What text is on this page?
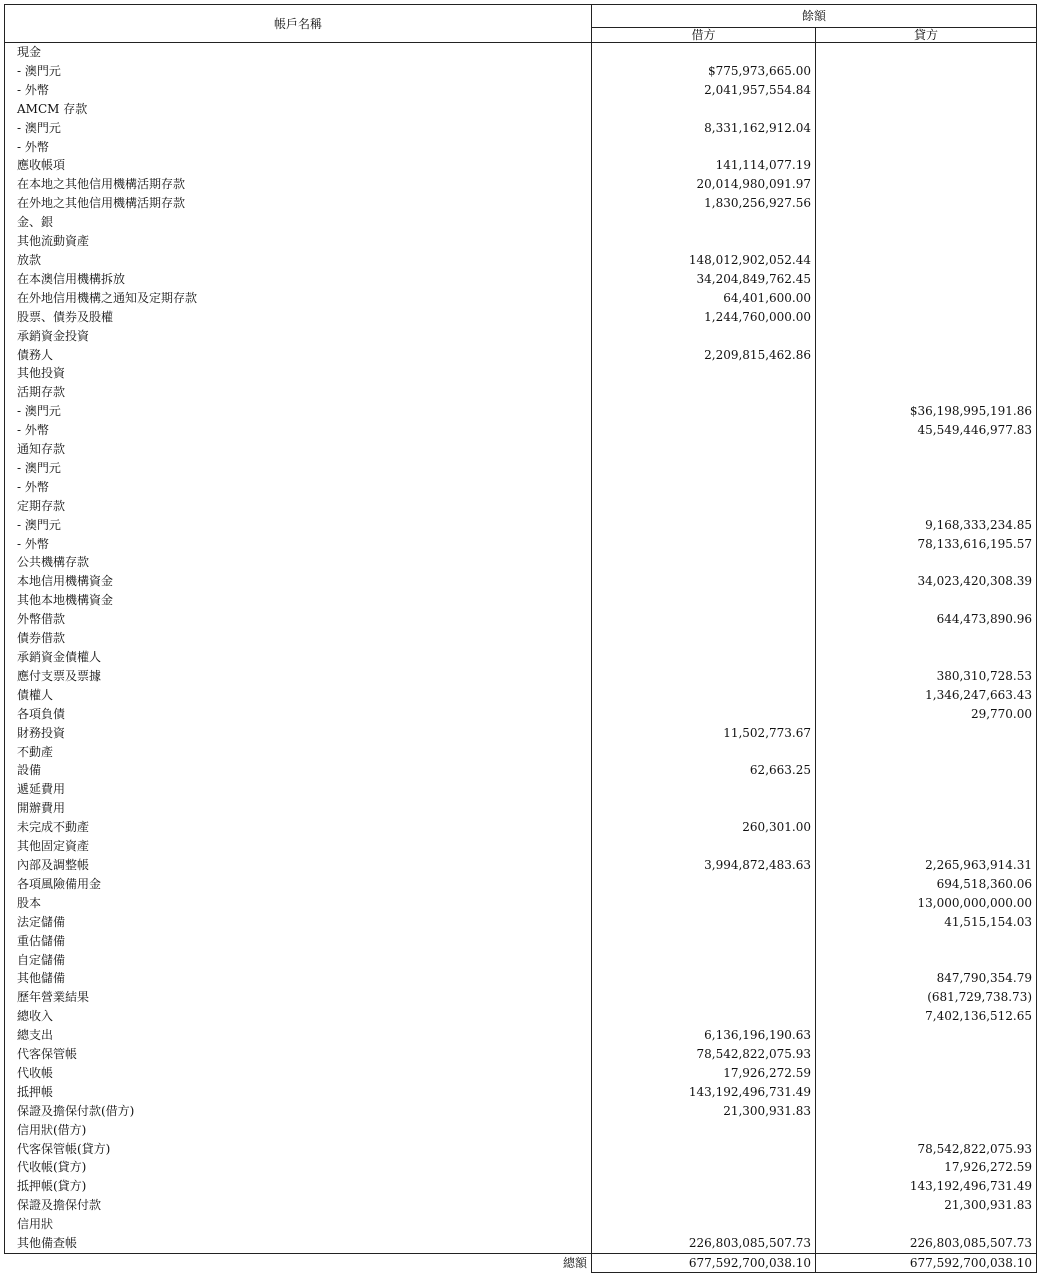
帳戶名稱	餘額	
	借方	貸方
現金		
- 澳門元	$775,973,665.00	
- 外幣	2,041,957,554.84	
AMCM 存款		
- 澳門元	8,331,162,912.04	
- 外幣		
應收帳項	141,114,077.19	
在本地之其他信用機構活期存款	20,014,980,091.97	
在外地之其他信用機構活期存款	1,830,256,927.56	
金、銀		
其他流動資產		
放款	148,012,902,052.44	
在本澳信用機構拆放	34,204,849,762.45	
在外地信用機構之通知及定期存款	64,401,600.00	
股票、債券及股權	1,244,760,000.00	
承銷資金投資		
債務人	2,209,815,462.86	
其他投資		
活期存款		
- 澳門元		$36,198,995,191.86
- 外幣		45,549,446,977.83
通知存款		
- 澳門元		
- 外幣		
定期存款		
- 澳門元		9,168,333,234.85
- 外幣		78,133,616,195.57
公共機構存款		
本地信用機構資金		34,023,420,308.39
其他本地機構資金		
外幣借款		644,473,890.96
債券借款		
承銷資金債權人		
應付支票及票據		380,310,728.53
債權人		1,346,247,663.43
各項負債		29,770.00
財務投資	11,502,773.67	
不動產		
設備	62,663.25	
遞延費用		
開辦費用		
未完成不動產	260,301.00	
其他固定資產		
內部及調整帳	3,994,872,483.63	2,265,963,914.31
各項風險備用金		694,518,360.06
股本		13,000,000,000.00
法定儲備		41,515,154.03
重估儲備		
自定儲備		
其他儲備		847,790,354.79
歷年營業結果		(681,729,738.73)
總收入		7,402,136,512.65
總支出	6,136,196,190.63	
代客保管帳	78,542,822,075.93	
代收帳	17,926,272.59	
抵押帳	143,192,496,731.49	
保證及擔保付款(借方)	21,300,931.83	
信用狀(借方)		
代客保管帳(貸方)		78,542,822,075.93
代收帳(貸方)		17,926,272.59
抵押帳(貸方)		143,192,496,731.49
保證及擔保付款		21,300,931.83
信用狀		
其他備查帳	226,803,085,507.73	226,803,085,507.73
總額	677,592,700,038.10	677,592,700,038.10
